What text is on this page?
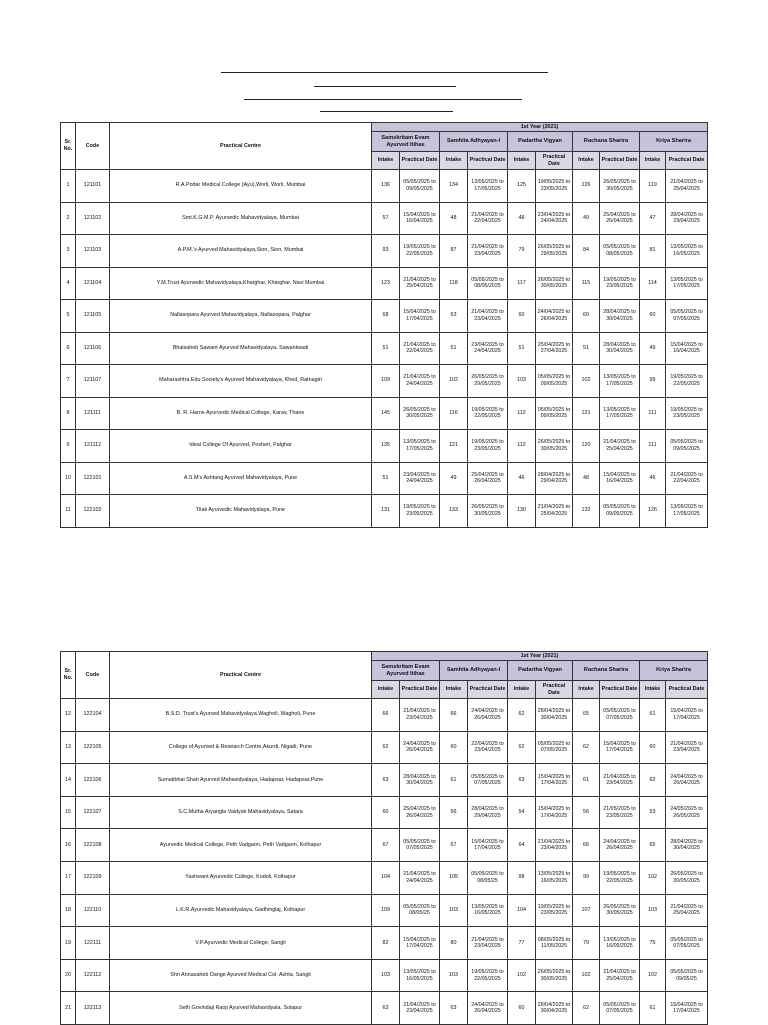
Sr. No.	Code	Practical Centre	1st Year (2021)									
			Samskritam Evam Ayurved Itihas		Samhita Adhyayan-I		Padartha Vigyan		Rachana Sharira		Kriya Sharira	
			Intake	Practical Date	Intake	Practical Date	Intake	Practical Date	Intake	Practical Date	Intake	Practical Date
1	121101	R.A.Podar Medical College (Ayu),Worli, Worli, Mumbai	136	05/05/2025 to 09/05/2025	134	13/05/2025 to 17/05/2025	125	19/05/2025 to 23/05/2025	126	26/05/2025 to 30/05/2025	119	21/04/2025 to 25/04/2025
2	121102	Smt.K.G.M.P. Ayurvedic Mahavidyalaya, Mumbai	57	15/04/2025 to 16/04/2025	48	21/04/2025 to 22/04/2025	48	23/04/2025 to 24/04/2025	49	25/04/2025 to 26/04/2025	47	28/04/2025 to 29/04/2025
3	121103	A.P.M.'s Ayurved Mahavidyalaya,Sion, Sion, Mumbai	93	19/05/2025 to 22/05/2025	87	21/04/2025 to 23/04/2025	79	26/05/2025 to 29/05/2025	84	05/05/2025 to 08/05/2025	81	13/05/2025 to 16/05/2025
4	121104	Y.M.Trust Ayurvedic Mahavidyalaya,Kharghar, Kharghar, Navi Mumbai	123	21/04/2025 to 25/04/2025	118	05/05/2025 to 08/05/2025	117	26/05/2025 to 30/05/2025	115	19/05/2025 to 23/05/2025	114	13/05/2025 to 17/05/2025
5	121105	Nallasopara Ayurved Mahavidyalaya, Nallasopara, Palghar	68	15/04/2025 to 17/04/2025	63	21/04/2025 to 23/04/2025	60	24/04/2025 to 26/04/2025	60	28/04/2025 to 30/04/2025	60	05/05/2025 to 07/05/2025
6	121106	Bhalsaheb Sawant Ayurved Mahavidyalaya, Sawantwadi	51	21/04/2025 to 22/04/2025	51	23/04/2025 to 24/04/2025	51	25/04/2025 to 27/04/2025	51	28/04/2025 to 30/04/2025	49	15/04/2025 to 16/04/2025
7	121107	Maharashtra Edu.Society's Ayurved Mahavidyalaya, Khed, Ratnagiri	109	21/04/2025 to 24/04/2025	102	26/05/2025 to 29/05/2025	103	05/05/2025 to 09/05/2025	102	13/05/2025 to 17/05/2025	99	19/05/2025 to 22/05/2025
8	121111	B. R. Harne Ayurvedic Medical College, Karav, Thane	145	26/05/2025 to 30/05/2025	116	19/05/2025 to 22/05/2025	112	05/05/2025 to 09/05/2025	121	13/05/2025 to 17/05/2025	111	19/05/2025 to 23/05/2025
9	121112	Ideal College Of Ayurved, Posheri, Palghar	135	13/05/2025 to 17/05/2025	121	19/05/2025 to 23/05/2025	112	26/05/2025 to 30/05/2025	120	21/04/2025 to 25/04/2025	111	05/05/2025 to 09/05/2025
10	122101	A.S.M's Ashtang Ayurved Mahavidyalaya, Pune	51	23/04/2025 to 24/04/2025	49	25/04/2025 to 26/04/2025	46	28/04/2025 to 29/04/2025	48	15/04/2025 to 16/04/2025	46	21/04/2025 to 22/04/2025
11	122102	Tilak Ayurvedic Mahavidyalaya, Pune	131	19/05/2025 to 23/05/2025	133	26/05/2025 to 30/05/2025	130	21/04/2025 to 25/04/2025	132	05/05/2025 to 09/05/2025	126	13/05/2025 to 17/05/2025
Sr. No.	Code	Practical Centre	1st Year (2021)									
			Samskritam Evam Ayurved Itihas		Samhita Adhyayan-I		Padartha Vigyan		Rachana Sharira		Kriya Sharira	
			Intake	Practical Date	Intake	Practical Date	Intake	Practical Date	Intake	Practical Date	Intake	Practical Date
12	122104	B.S.D. Trust's Ayurved Mahavidyalaya,Wagholi, Wagholi, Pune	66	21/04/2025 to 23/04/2025	66	24/04/2025 to 26/04/2025	62	28/04/2025 to 30/04/2025	65	05/05/2025 to 07/05/2025	61	15/04/2025 to 17/04/2025
13	122105	College of Ayurved & Research Centre,Akurdi, Nigadi, Pune	62	24/04/2025 to 26/04/2025	60	22/04/2025 to 23/04/2025	62	05/05/2025 to 07/05/2025	62	15/04/2025 to 17/04/2025	60	21/04/2025 to 23/04/2025
14	122106	Sumatibhai Shah Ayurved Mahavidyalaya, Hadapsar, Hadapsar,Pune	63	28/04/2025 to 30/04/2025	61	05/05/2025 to 07/05/2025	63	15/04/2025 to 17/04/2025	61	21/04/2025 to 23/04/2025	62	24/04/2025 to 26/04/2025
15	122107	S.C.Mutha Aryangla Vaidyak Mahavidyalaya, Satara	60	25/04/2025 to 26/04/2025	56	28/04/2025 to 29/04/2025	54	15/04/2025 to 17/04/2025	56	21/05/2025 to 23/05/2025	53	24/05/2025 to 26/05/2025
16	122108	Ayurvedic Medical College, Peth Vadgaon, Peth Vadgaon, Kolhapur	67	05/05/2025 to 07/05/2025	67	15/04/2025 to 17/04/2025	64	21/04/2025 to 23/04/2025	66	24/04/2025 to 26/04/2025	65	28/04/2025 to 30/04/2025
17	122109	Yashwant Ayurvedic College, Kodoli, Kolhapur	104	21/04/2025 to 24/04/2025	105	05/05/2025 to 08/05/25	98	13/05/2025 to 16/05/2025	99	19/05/2025 to 22/05/2025	102	26/05/2025 to 30/05/2025
18	122110	L.K.R.Ayurvedic Mahavidyalaya, Gadhinglaj, Kolhapur	109	05/05/2025 to 08/05/25	103	13/05/2025 to 16/05/2025	104	19/05/2025 to 23/05/2025	107	26/05/2025 to 30/05/2025	103	21/04/2025 to 25/04/2025
19	122111	V.P.Ayurvedic Medical College, Sangli	82	15/04/2025 to 17/04/2025	80	21/04/2025 to 23/04/2025	77	08/05/2025 to 11/05/2025	79	13/05/2025 to 16/05/2025	75	05/05/2025 to 07/05/2025
20	122112	Shri Annasaheb Dange Ayurved Medical Col, Ashta, Sangli	103	13/05/2025 to 16/05/2025	103	19/05/2025 to 22/05/2025	102	26/05/2025 to 30/05/2025	102	21/04/2025 to 25/04/2025	102	05/05/2025 to 09/05/25
21	122113	Seth Govindaji Raoji Ayurved Mahavidyala, Solapur	63	21/04/2025 to 23/04/2025	63	24/04/2025 to 26/04/2025	60	28/04/2025 to 30/04/2025	62	05/05/2025 to 07/05/2025	61	15/04/2025 to 17/04/2025
